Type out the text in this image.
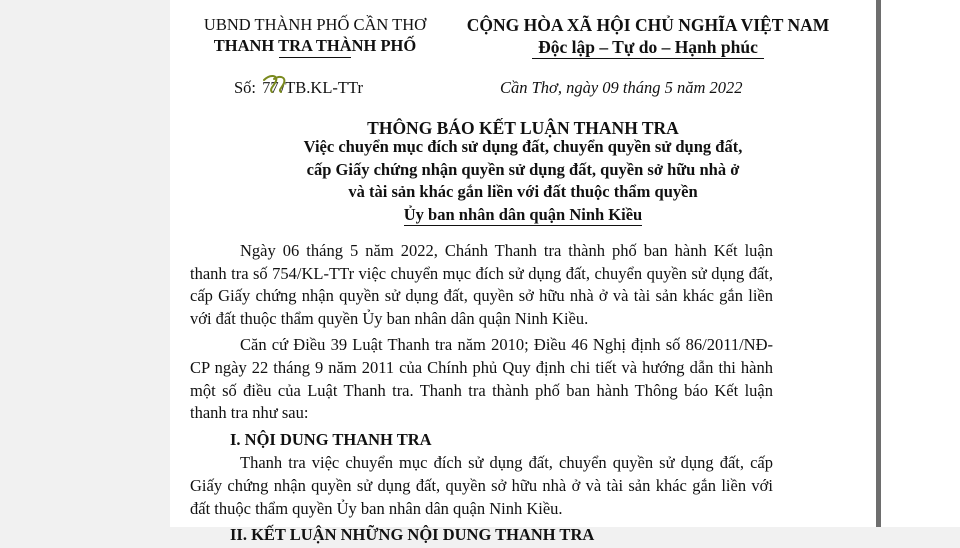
UBND THÀNH PHỐ CẦN THƠ
THANH TRA THÀNH PHỐ
CỘNG HÒA XÃ HỘI CHỦ NGHĨA VIỆT NAM
Độc lập – Tự do – Hạnh phúc
Số: 77 /TB.KL-TTr	Cần Thơ, ngày 09 tháng 5 năm 2022
THÔNG BÁO KẾT LUẬN THANH TRA
Việc chuyển mục đích sử dụng đất, chuyển quyền sử dụng đất,
cấp Giấy chứng nhận quyền sử dụng đất, quyền sở hữu nhà ở
và tài sản khác gắn liền với đất thuộc thẩm quyền
Ủy ban nhân dân quận Ninh Kiều

Ngày 06 tháng 5 năm 2022, Chánh Thanh tra thành phố ban hành Kết luận thanh tra số 754/KL-TTr việc chuyển mục đích sử dụng đất, chuyển quyền sử dụng đất, cấp Giấy chứng nhận quyền sử dụng đất, quyền sở hữu nhà ở và tài sản khác gắn liền với đất thuộc thẩm quyền Ủy ban nhân dân quận Ninh Kiều.

Căn cứ Điều 39 Luật Thanh tra năm 2010; Điều 46 Nghị định số 86/2011/NĐ-CP ngày 22 tháng 9 năm 2011 của Chính phủ Quy định chi tiết và hướng dẫn thi hành một số điều của Luật Thanh tra. Thanh tra thành phố ban hành Thông báo Kết luận thanh tra như sau:

I. NỘI DUNG THANH TRA

Thanh tra việc chuyển mục đích sử dụng đất, chuyển quyền sử dụng đất, cấp Giấy chứng nhận quyền sử dụng đất, quyền sở hữu nhà ở và tài sản khác gắn liền với đất thuộc thẩm quyền Ủy ban nhân dân quận Ninh Kiều.

II. KẾT LUẬN NHỮNG NỘI DUNG THANH TRA
